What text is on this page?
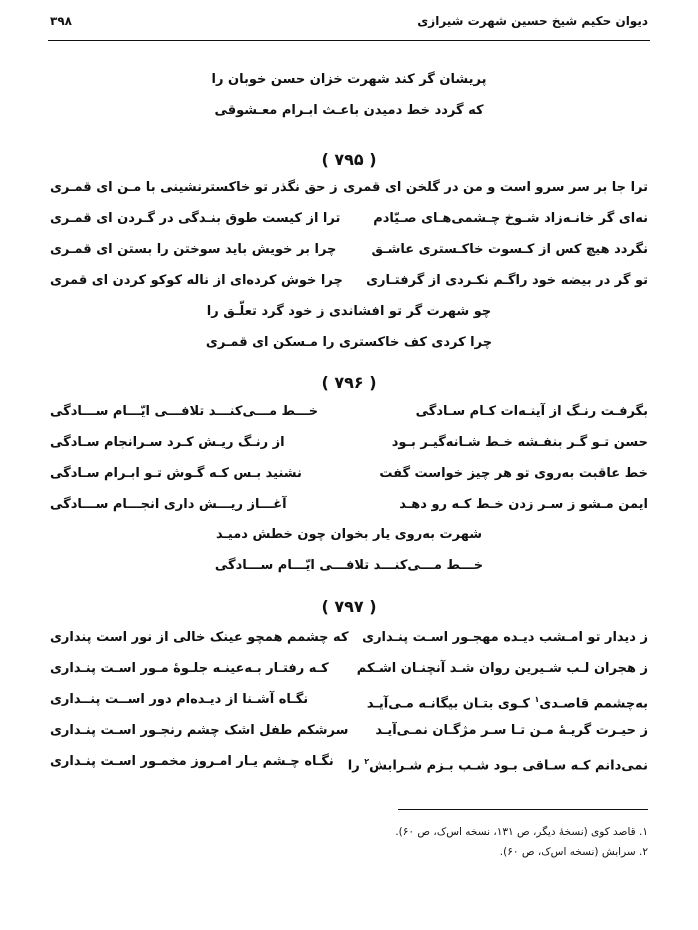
دیوان حکیم شیخ حسین شهرت شیرازی
۳۹۸
پریشان گر کند شهرت خزان حسن خوبان را
که گردد خط دمیدن باعـث ابـرام معـشوقی
( ۷۹۵ )
ترا جا بر سر سرو است و من در گلخن ای قمری
ز حق نگذر تو خاکسترنشینی با مـن ای قمـری
نه‌ای گر خانـه‌زاد شـوخ چـشمی‌هـای صـیّادم
ترا از کیست طوق بنـدگی در گـردن ای قمـری
نگردد هیچ کس از کـسوت خاکـستری عاشـق
چرا بر خویش باید سوختن را بستن ای قمـری
تو گر در بیضه خود راگـم نکـردی از گرفتـاری
چرا خوش کرده‌ای از ناله کوکو کردن ای قمری
چو شهرت گر تو افشاندی ز خود گرد تعلّـق را
چرا کردی کف خاکستری را مـسکن ای قمـری
( ۷۹۶ )
بگرفـت رنـگ از آینـه‌ات کـام سـادگی
خـــط مـــی‌کنـــد تلافـــی ایّـــام ســـادگی
حسن تـو گـر بنفـشه خـط شـانه‌گیـر بـود
از رنـگ ریـش کـرد سـرانجام سـادگی
خط عاقبت به‌روی تو هر چیز خواست گفت
نشنید بـس کـه گـوش تـو ابـرام سـادگی
ایمن مـشو ز سـر زدن خـط کـه رو دهـد
آغـــاز ریـــش داری انجـــام ســـادگی
شهرت به‌روی یار بخوان چون خطش دمیـد
خـــط مـــی‌کنـــد تلافـــی ایّـــام ســـادگی
( ۷۹۷ )
ز دیدار تو امـشب دیـده مهجـور اسـت پنـداری
که چشمم همچو عینک خالی از نور است پنداری
ز هجران لـب شـیرین روان شـد آنچنـان اشـکم
کـه رفتـار بـه‌عینـه جلـوهٔ مـور اسـت پنـداری
به‌چشمم قاصـدی$^۱$ کـوی بتـان بیگانـه مـی‌آیـد
نگـاه آشـنا از دیـده‌ام دور اســت پنــداری
ز حیـرت گریـهٔ مـن تـا سـر مژگـان نمـی‌آیـد
سرشکم طفل اشک چشم رنجـور اسـت پنـداری
نمی‌دانم کـه سـاقی بـود شـب بـزم شـرابش$^۲$ را
نگـاه چـشم یـار امـروز مخمـور اسـت پنـداری
۱. قاصد کوی (نسخهٔ دیگر، ص ۱۳۱، نسخه اس‌ک، ص ۶۰).
۲. سرابش (نسخه اس‌ک، ص ۶۰).
